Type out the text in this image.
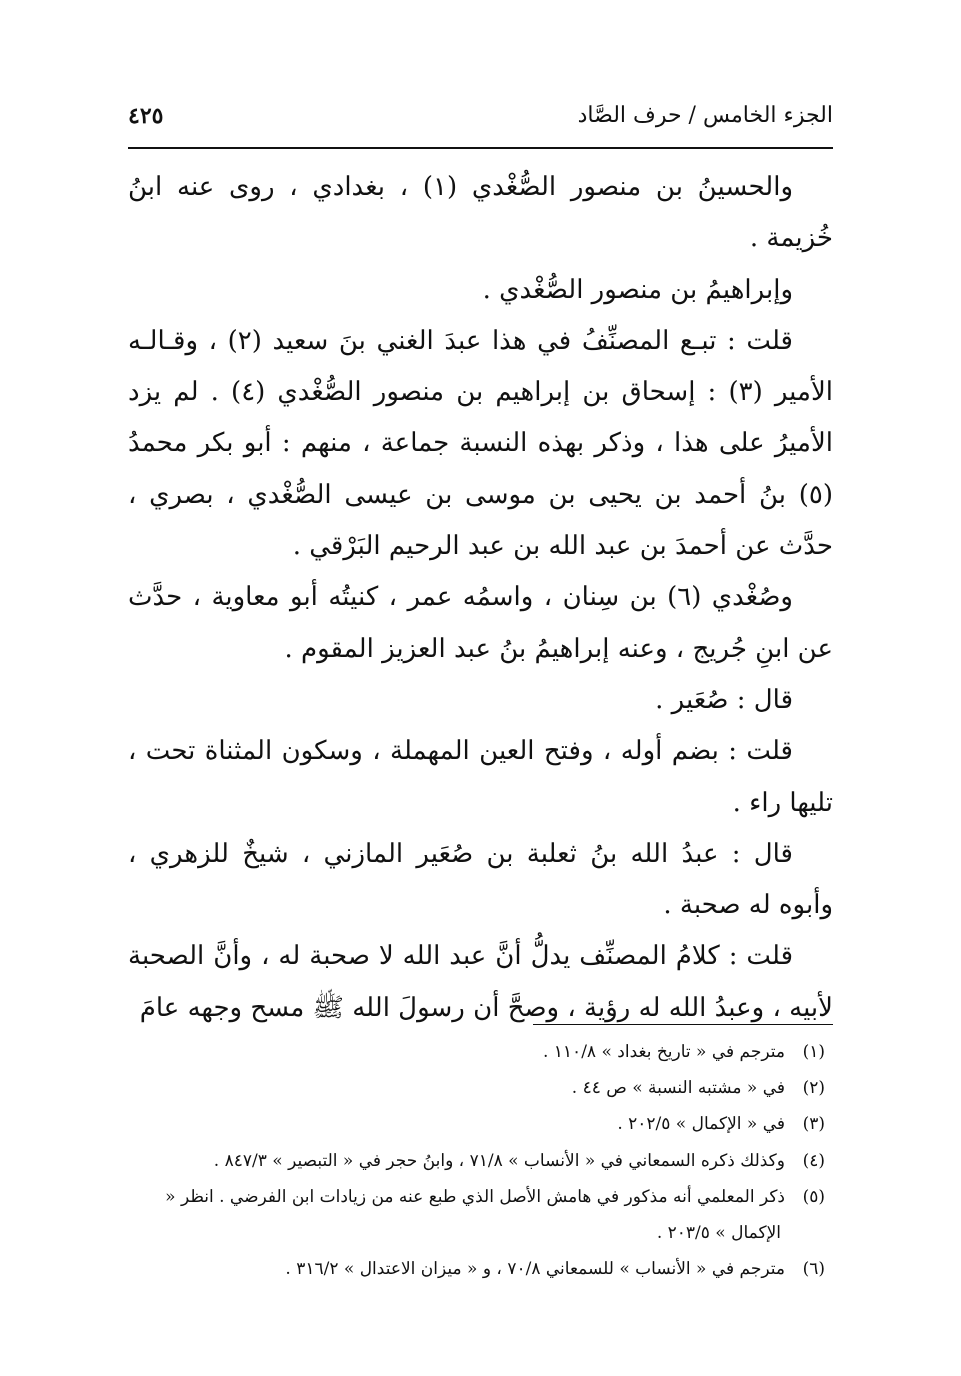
الجزء الخامس / حرف الصَّاد
٤٢٥

والحسينُ بن منصور الصُّغْدي (١) ، بغدادي ، روى عنه ابنُ خُزيمة .

وإبراهيمُ بن منصور الصُّغْدي .

قلت : تبـع المصنِّفُ في هذا عبدَ الغني بنَ سعيد (٢) ، وقـالـه الأمير (٣) : إسحاق بن إبراهيم بن منصور الصُّغْدي (٤) . لم يزد الأميرُ على هذا ، وذكر بهذه النسبة جماعة ، منهم : أبو بكر محمدُ (٥) بنُ أحمد بن يحيى بن موسى بن عيسى الصُّغْدي ، بصري ، حدَّث عن أحمدَ بن عبد الله بن عبد الرحيم البَرْقي .

وصُغْدي (٦) بن سِنان ، واسمُه عمر ، كنيتُه أبو معاوية ، حدَّث عن ابنِ جُريج ، وعنه إبراهيمُ بنُ عبد العزيز المقوم .

قال : صُعَير .

قلت : بضم أوله ، وفتح العين المهملة ، وسكون المثناة تحت ، تليها راء .

قال : عبدُ الله بنُ ثعلبة بن صُعَير المازني ، شيخٌ للزهري ، وأبوه له صحبة .

قلت : كلامُ المصنِّف يدلُّ أنَّ عبد الله لا صحبة له ، وأنَّ الصحبة لأبيه ، وعبدُ الله له رؤية ، وصحَّ أن رسولَ الله ﷺ مسح وجهه عامَ

(١)مترجم في « تاريخ بغداد » ١١٠/٨ .

(٢)في « مشتبه النسبة » ص ٤٤ .

(٣)في « الإكمال » ٢٠٢/٥ .

(٤)وكذلك ذكره السمعاني في « الأنساب » ٧١/٨ ، وابنُ حجر في « التبصير » ٨٤٧/٣ .

(٥)ذكر المعلمي أنه مذكور في هامش الأصل الذي طبع عنه من زيادات ابن الفرضي . انظر « الإكمال » ٢٠٣/٥ .

(٦)مترجم في « الأنساب » للسمعاني ٧٠/٨ ، و « ميزان الاعتدال » ٣١٦/٢ .
